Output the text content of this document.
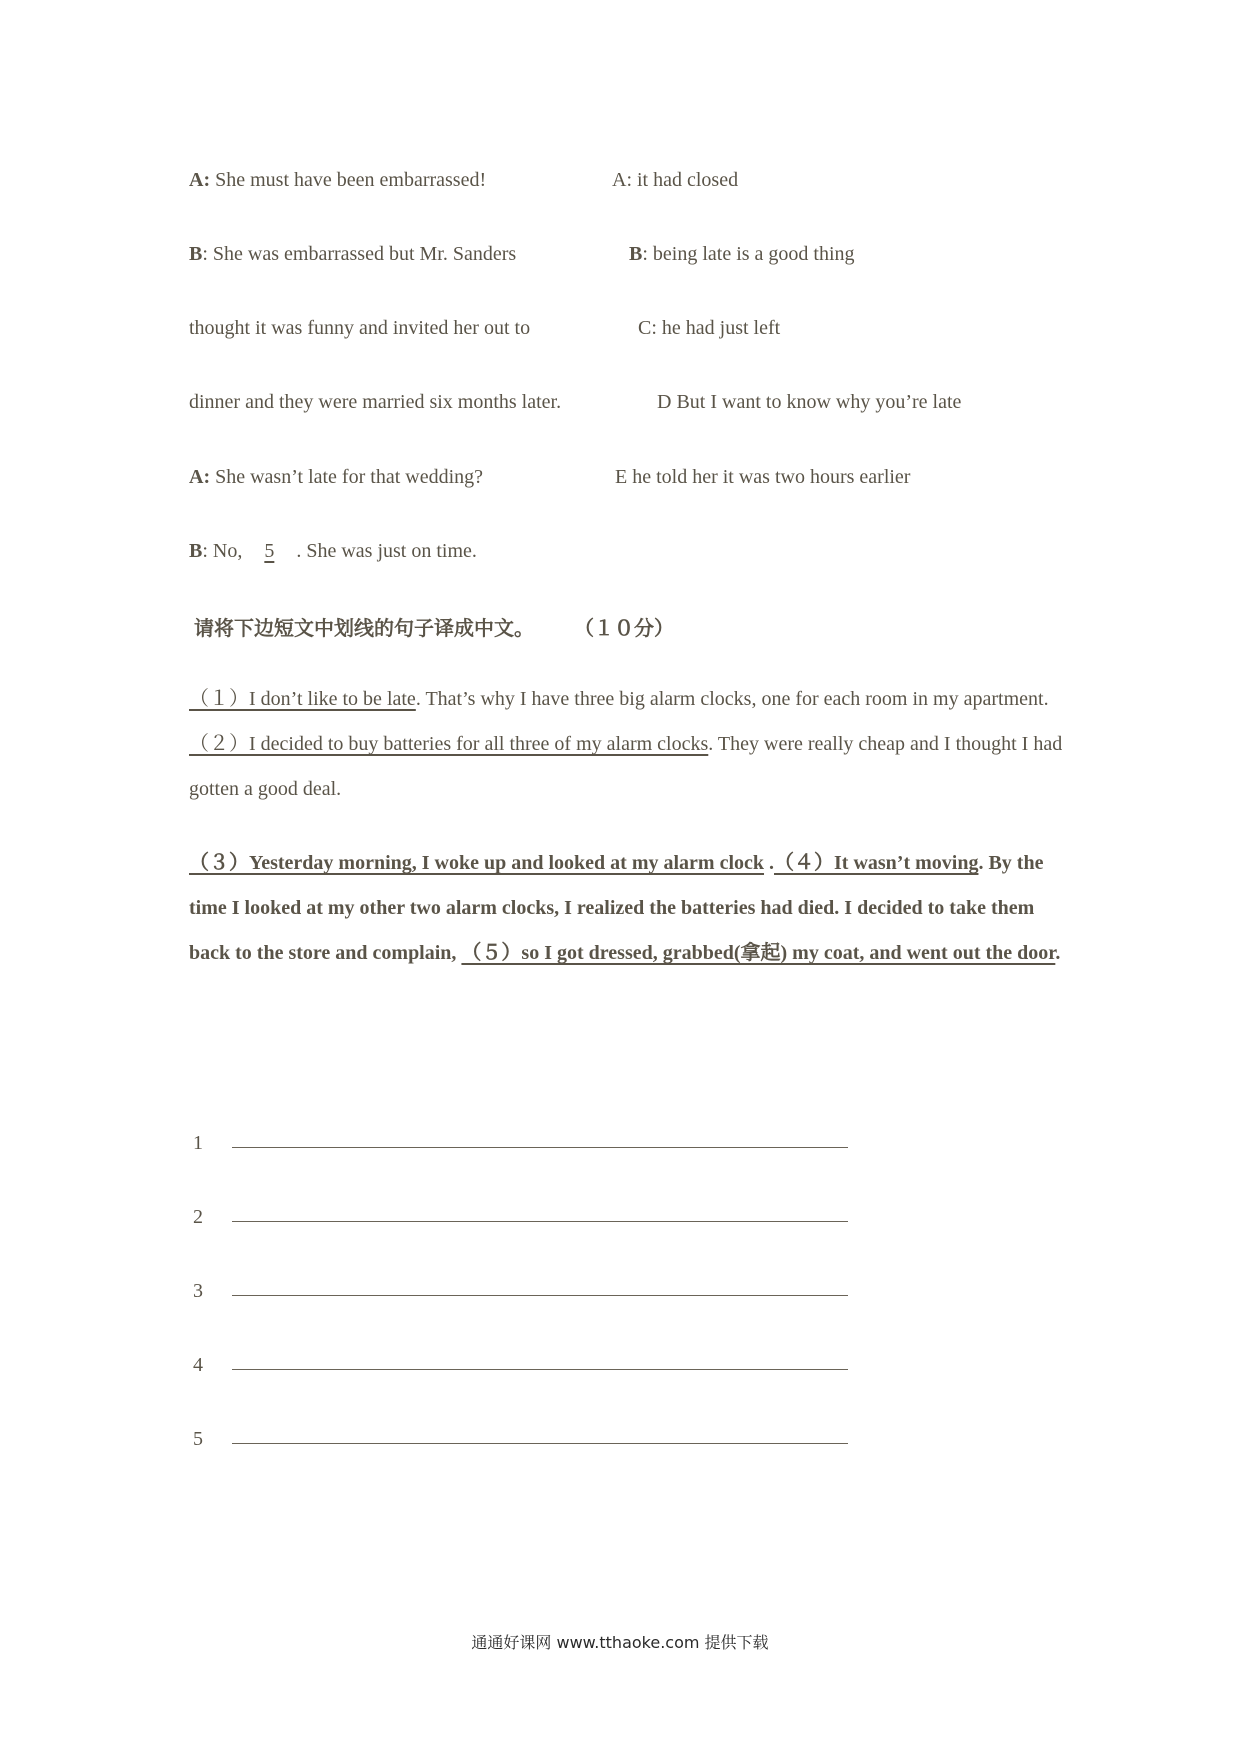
A: She must have been embarrassed!
B: She was embarrassed but Mr. Sanders
thought it was funny and invited her out to
dinner and they were married six months later.
A: She wasn’t late for that wedding?
B: No, 5 . She was just on time.
A: it had closed
B: being late is a good thing
C: he had just left
D But I want to know why you’re late
E he told her it was two hours earlier
请将下边短文中划线的句子译成中文。 （１０分）
（１）I don’t like to be late. That’s why I have three big alarm clocks, one for each room in my apartment.（２）I decided to buy batteries for all three of my alarm clocks. They were really cheap and I thought I had gotten a good deal.
（３）Yesterday morning, I woke up and looked at my alarm clock .（４）It wasn’t moving. By the time I looked at my other two alarm clocks, I realized the batteries had died. I decided to take them back to the store and complain, （５）so I got dressed, grabbed(拿起) my coat, and went out the door.
1
2
3
4
5
通通好课网 www.tthaoke.com 提供下载
